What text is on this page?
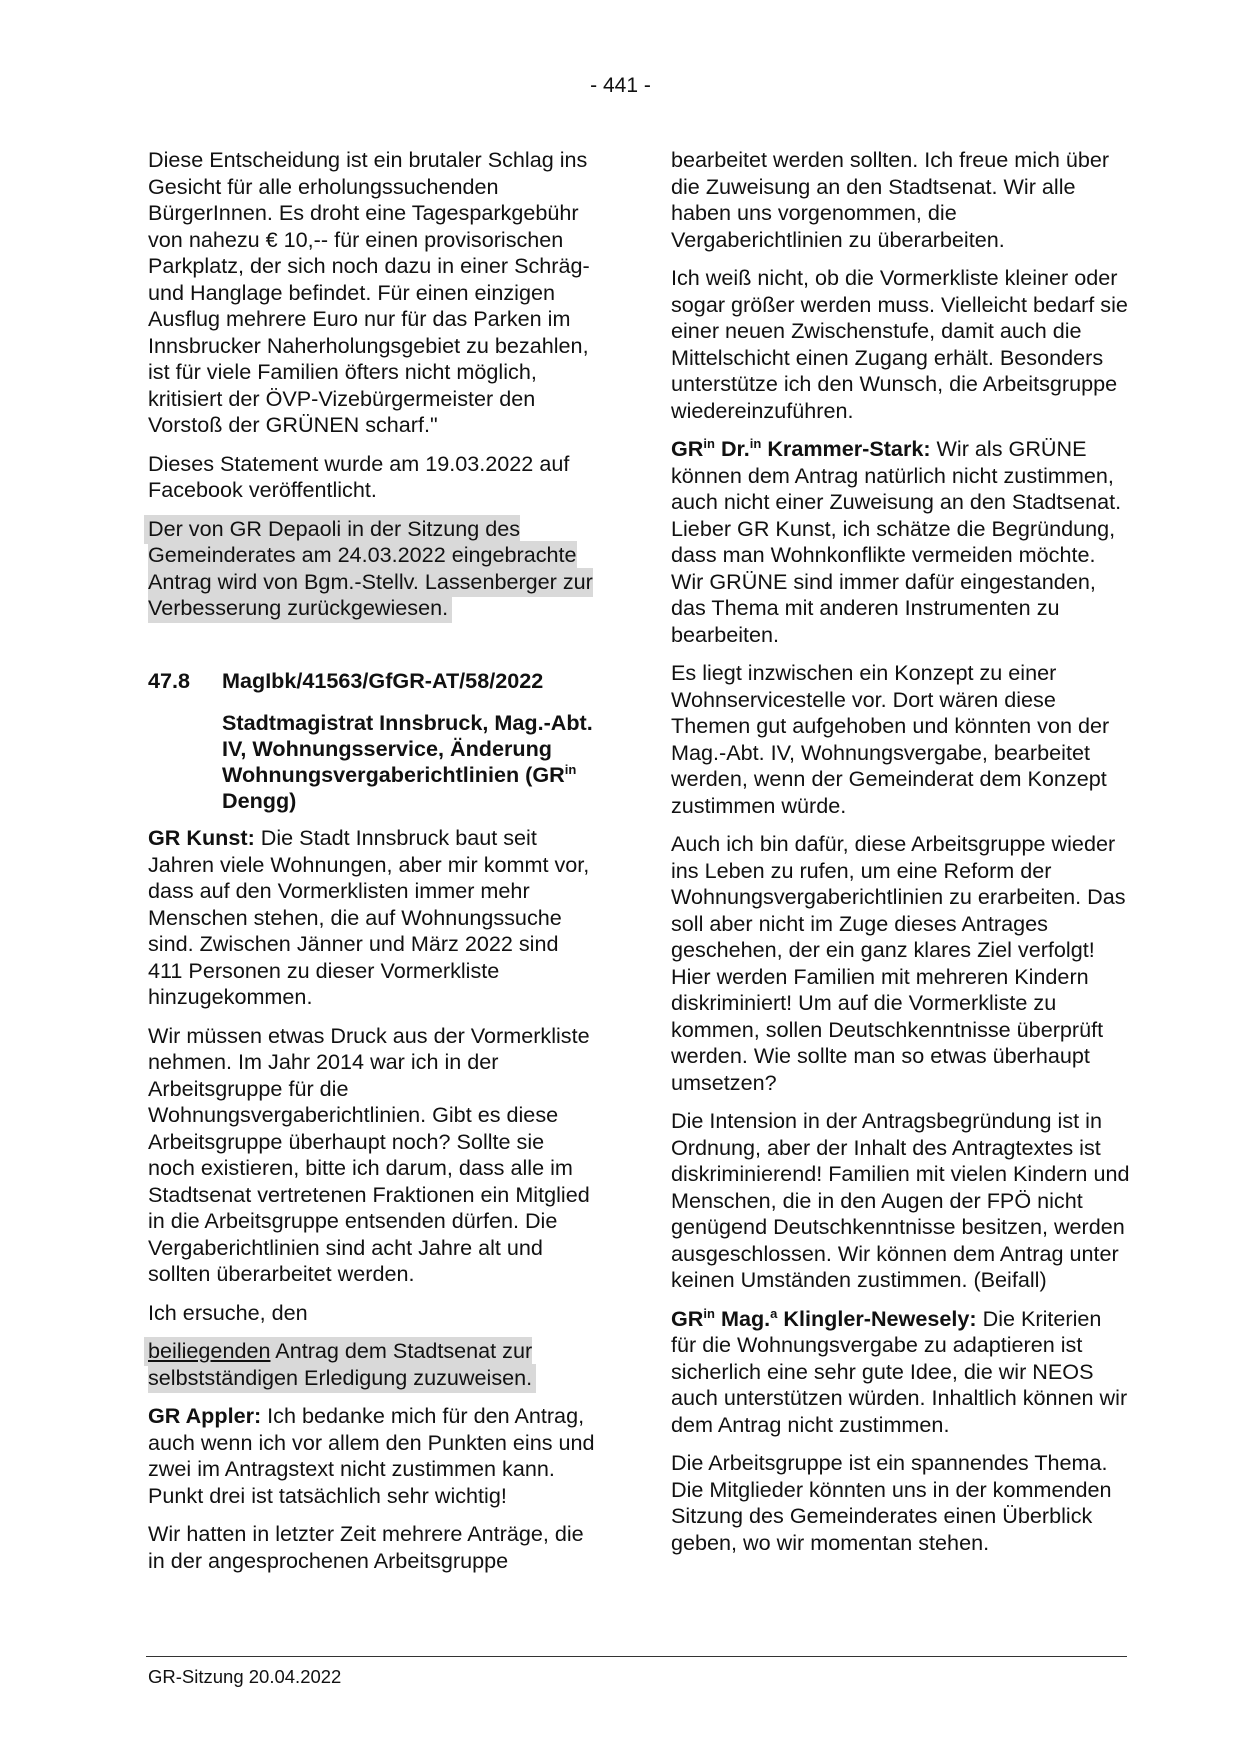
- 441 -

Diese Entscheidung ist ein brutaler Schlag ins Gesicht für alle erholungssuchenden BürgerInnen. Es droht eine Tagesparkgebühr von nahezu € 10,-- für einen provisorischen Parkplatz, der sich noch dazu in einer Schräg- und Hanglage befindet. Für einen einzigen Ausflug mehrere Euro nur für das Parken im Innsbrucker Naherholungsgebiet zu bezahlen, ist für viele Familien öfters nicht möglich, kritisiert der ÖVP-Vizebürgermeister den Vorstoß der GRÜNEN scharf."

Dieses Statement wurde am 19.03.2022 auf Facebook veröffentlicht.

Der von GR Depaoli in der Sitzung des Gemeinderates am 24.03.2022 eingebrachte Antrag wird von Bgm.-Stellv. Lassenberger zur Verbesserung zurückgewiesen.

47.8	MagIbk/41563/GfGR-AT/58/2022
Stadtmagistrat Innsbruck, Mag.-Abt. IV, Wohnungsservice, Änderung Wohnungsvergaberichtlinien ($GR^{in}$ Dengg)

GR Kunst: Die Stadt Innsbruck baut seit Jahren viele Wohnungen, aber mir kommt vor, dass auf den Vormerklisten immer mehr Menschen stehen, die auf Wohnungssuche sind. Zwischen Jänner und März 2022 sind 411 Personen zu dieser Vormerkliste hinzugekommen.

Wir müssen etwas Druck aus der Vormerkliste nehmen. Im Jahr 2014 war ich in der Arbeitsgruppe für die Wohnungsvergaberichtlinien. Gibt es diese Arbeitsgruppe überhaupt noch? Sollte sie noch existieren, bitte ich darum, dass alle im Stadtsenat vertretenen Fraktionen ein Mitglied in die Arbeitsgruppe entsenden dürfen. Die Vergaberichtlinien sind acht Jahre alt und sollten überarbeitet werden.

Ich ersuche, den

beiliegenden Antrag dem Stadtsenat zur selbstständigen Erledigung zuzuweisen.

GR Appler: Ich bedanke mich für den Antrag, auch wenn ich vor allem den Punkten eins und zwei im Antragstext nicht zustimmen kann. Punkt drei ist tatsächlich sehr wichtig!

Wir hatten in letzter Zeit mehrere Anträge, die in der angesprochenen Arbeitsgruppe

bearbeitet werden sollten. Ich freue mich über die Zuweisung an den Stadtsenat. Wir alle haben uns vorgenommen, die Vergaberichtlinien zu überarbeiten.

Ich weiß nicht, ob die Vormerkliste kleiner oder sogar größer werden muss. Vielleicht bedarf sie einer neuen Zwischenstufe, damit auch die Mittelschicht einen Zugang erhält. Besonders unterstütze ich den Wunsch, die Arbeitsgruppe wiedereinzuführen.

$GR^{in}$ Dr.$^{in}$ Krammer-Stark: Wir als GRÜNE können dem Antrag natürlich nicht zustimmen, auch nicht einer Zuweisung an den Stadtsenat. Lieber GR Kunst, ich schätze die Begründung, dass man Wohnkonflikte vermeiden möchte. Wir GRÜNE sind immer dafür eingestanden, das Thema mit anderen Instrumenten zu bearbeiten.

Es liegt inzwischen ein Konzept zu einer Wohnservicestelle vor. Dort wären diese Themen gut aufgehoben und könnten von der Mag.-Abt. IV, Wohnungsvergabe, bearbeitet werden, wenn der Gemeinderat dem Konzept zustimmen würde.

Auch ich bin dafür, diese Arbeitsgruppe wieder ins Leben zu rufen, um eine Reform der Wohnungsvergaberichtlinien zu erarbeiten. Das soll aber nicht im Zuge dieses Antrages geschehen, der ein ganz klares Ziel verfolgt! Hier werden Familien mit mehreren Kindern diskriminiert! Um auf die Vormerkliste zu kommen, sollen Deutschkenntnisse überprüft werden. Wie sollte man so etwas überhaupt umsetzen?

Die Intension in der Antragsbegründung ist in Ordnung, aber der Inhalt des Antragtextes ist diskriminierend! Familien mit vielen Kindern und Menschen, die in den Augen der FPÖ nicht genügend Deutschkenntnisse besitzen, werden ausgeschlossen. Wir können dem Antrag unter keinen Umständen zustimmen. (Beifall)

$GR^{in}$ Mag.$^a$ Klingler-Newesely: Die Kriterien für die Wohnungsvergabe zu adaptieren ist sicherlich eine sehr gute Idee, die wir NEOS auch unterstützen würden. Inhaltlich können wir dem Antrag nicht zustimmen.

Die Arbeitsgruppe ist ein spannendes Thema. Die Mitglieder könnten uns in der kommenden Sitzung des Gemeinderates einen Überblick geben, wo wir momentan stehen.

GR-Sitzung 20.04.2022
